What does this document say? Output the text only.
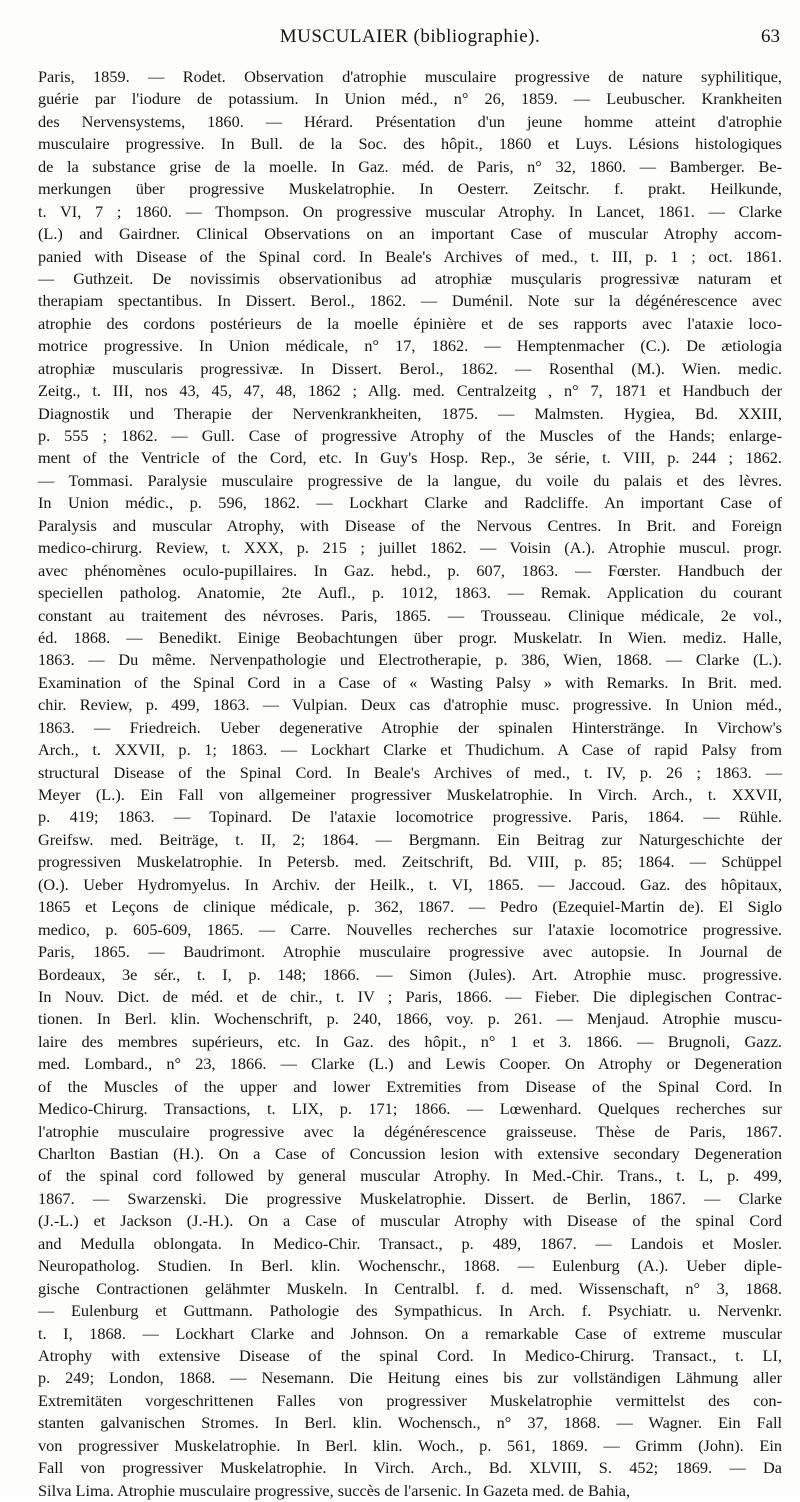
MUSCULAIER (bibliographie).	63
Paris, 1859. — Rodet. Observation d'atrophie musculaire progressive de nature syphilitique,
guérie par l'iodure de potassium. In Union méd., n° 26, 1859. — Leubuscher. Krankheiten
des Nervensystems, 1860. — Hérard. Présentation d'un jeune homme atteint d'atrophie
musculaire progressive. In Bull. de la Soc. des hôpit., 1860 et Luys. Lésions histologiques
de la substance grise de la moelle. In Gaz. méd. de Paris, n° 32, 1860. — Bamberger. Be-
merkungen über progressive Muskelatrophie. In Oesterr. Zeitschr. f. prakt. Heilkunde,
t. VI, 7 ; 1860. — Thompson. On progressive muscular Atrophy. In Lancet, 1861. — Clarke
(L.) and Gairdner. Clinical Observations on an important Case of muscular Atrophy accom-
panied with Disease of the Spinal cord. In Beale's Archives of med., t. III, p. 1 ; oct. 1861.
— Guthzeit. De novissimis observationibus ad atrophiæ musçularis progressivæ naturam et
therapiam spectantibus. In Dissert. Berol., 1862. — Duménil. Note sur la dégénérescence avec
atrophie des cordons postérieurs de la moelle épinière et de ses rapports avec l'ataxie loco-
motrice progressive. In Union médicale, n° 17, 1862. — Hemptenmacher (C.). De ætiologia
atrophiæ muscularis progressivæ. In Dissert. Berol., 1862. — Rosenthal (M.). Wien. medic.
Zeitg., t. III, nos 43, 45, 47, 48, 1862 ; Allg. med. Centralzeitg , n° 7, 1871 et Handbuch der
Diagnostik und Therapie der Nervenkrankheiten, 1875. — Malmsten. Hygiea, Bd. XXIII,
p. 555 ; 1862. — Gull. Case of progressive Atrophy of the Muscles of the Hands; enlarge-
ment of the Ventricle of the Cord, etc. In Guy's Hosp. Rep., 3e série, t. VIII, p. 244 ; 1862.
— Tommasi. Paralysie musculaire progressive de la langue, du voile du palais et des lèvres.
In Union médic., p. 596, 1862. — Lockhart Clarke and Radcliffe. An important Case of
Paralysis and muscular Atrophy, with Disease of the Nervous Centres. In Brit. and Foreign
medico-chirurg. Review, t. XXX, p. 215 ; juillet 1862. — Voisin (A.). Atrophie muscul. progr.
avec phénomènes oculo-pupillaires. In Gaz. hebd., p. 607, 1863. — Fœrster. Handbuch der
speciellen patholog. Anatomie, 2te Aufl., p. 1012, 1863. — Remak. Application du courant
constant au traitement des névroses. Paris, 1865. — Trousseau. Clinique médicale, 2e vol.,
éd. 1868. — Benedikt. Einige Beobachtungen über progr. Muskelatr. In Wien. mediz. Halle,
1863. — Du même. Nervenpathologie und Electrotherapie, p. 386, Wien, 1868. — Clarke (L.).
Examination of the Spinal Cord in a Case of « Wasting Palsy » with Remarks. In Brit. med.
chir. Review, p. 499, 1863. — Vulpian. Deux cas d'atrophie musc. progressive. In Union méd.,
1863. — Friedreich. Ueber degenerative Atrophie der spinalen Hinterstränge. In Virchow's
Arch., t. XXVII, p. 1; 1863. — Lockhart Clarke et Thudichum. A Case of rapid Palsy from
structural Disease of the Spinal Cord. In Beale's Archives of med., t. IV, p. 26 ; 1863. —
Meyer (L.). Ein Fall von allgemeiner progressiver Muskelatrophie. In Virch. Arch., t. XXVII,
p. 419; 1863. — Topinard. De l'ataxie locomotrice progressive. Paris, 1864. — Rühle.
Greifsw. med. Beiträge, t. II, 2; 1864. — Bergmann. Ein Beitrag zur Naturgeschichte der
progressiven Muskelatrophie. In Petersb. med. Zeitschrift, Bd. VIII, p. 85; 1864. — Schüppel
(O.). Ueber Hydromyelus. In Archiv. der Heilk., t. VI, 1865. — Jaccoud. Gaz. des hôpitaux,
1865 et Leçons de clinique médicale, p. 362, 1867. — Pedro (Ezequiel-Martin de). El Siglo
medico, p. 605-609, 1865. — Carre. Nouvelles recherches sur l'ataxie locomotrice progressive.
Paris, 1865. — Baudrimont. Atrophie musculaire progressive avec autopsie. In Journal de
Bordeaux, 3e sér., t. I, p. 148; 1866. — Simon (Jules). Art. Atrophie musc. progressive.
In Nouv. Dict. de méd. et de chir., t. IV ; Paris, 1866. — Fieber. Die diplegischen Contrac-
tionen. In Berl. klin. Wochenschrift, p. 240, 1866, voy. p. 261. — Menjaud. Atrophie muscu-
laire des membres supérieurs, etc. In Gaz. des hôpit., n° 1 et 3. 1866. — Brugnoli, Gazz.
med. Lombard., n° 23, 1866. — Clarke (L.) and Lewis Cooper. On Atrophy or Degeneration
of the Muscles of the upper and lower Extremities from Disease of the Spinal Cord. In
Medico-Chirurg. Transactions, t. LIX, p. 171; 1866. — Lœwenhard. Quelques recherches sur
l'atrophie musculaire progressive avec la dégénérescence graisseuse. Thèse de Paris, 1867.
Charlton Bastian (H.). On a Case of Concussion lesion with extensive secondary Degeneration
of the spinal cord followed by general muscular Atrophy. In Med.-Chir. Trans., t. L, p. 499,
1867. — Swarzenski. Die progressive Muskelatrophie. Dissert. de Berlin, 1867. — Clarke
(J.-L.) et Jackson (J.-H.). On a Case of muscular Atrophy with Disease of the spinal Cord
and Medulla oblongata. In Medico-Chir. Transact., p. 489, 1867. — Landois et Mosler.
Neuropatholog. Studien. In Berl. klin. Wochenschr., 1868. — Eulenburg (A.). Ueber diple-
gische Contractionen gelähmter Muskeln. In Centralbl. f. d. med. Wissenschaft, n° 3, 1868.
— Eulenburg et Guttmann. Pathologie des Sympathicus. In Arch. f. Psychiatr. u. Nervenkr.
t. I, 1868. — Lockhart Clarke and Johnson. On a remarkable Case of extreme muscular
Atrophy with extensive Disease of the spinal Cord. In Medico-Chirurg. Transact., t. LI,
p. 249; London, 1868. — Nesemann. Die Heitung eines bis zur vollständigen Lähmung aller
Extremitäten vorgeschrittenen Falles von progressiver Muskelatrophie vermittelst des con-
stanten galvanischen Stromes. In Berl. klin. Wochensch., n° 37, 1868. — Wagner. Ein Fall
von progressiver Muskelatrophie. In Berl. klin. Woch., p. 561, 1869. — Grimm (John). Ein
Fall von progressiver Muskelatrophie. In Virch. Arch., Bd. XLVIII, S. 452; 1869. — Da
Silva Lima. Atrophie musculaire progressive, succès de l'arsenic. In Gazeta med. de Bahia,
